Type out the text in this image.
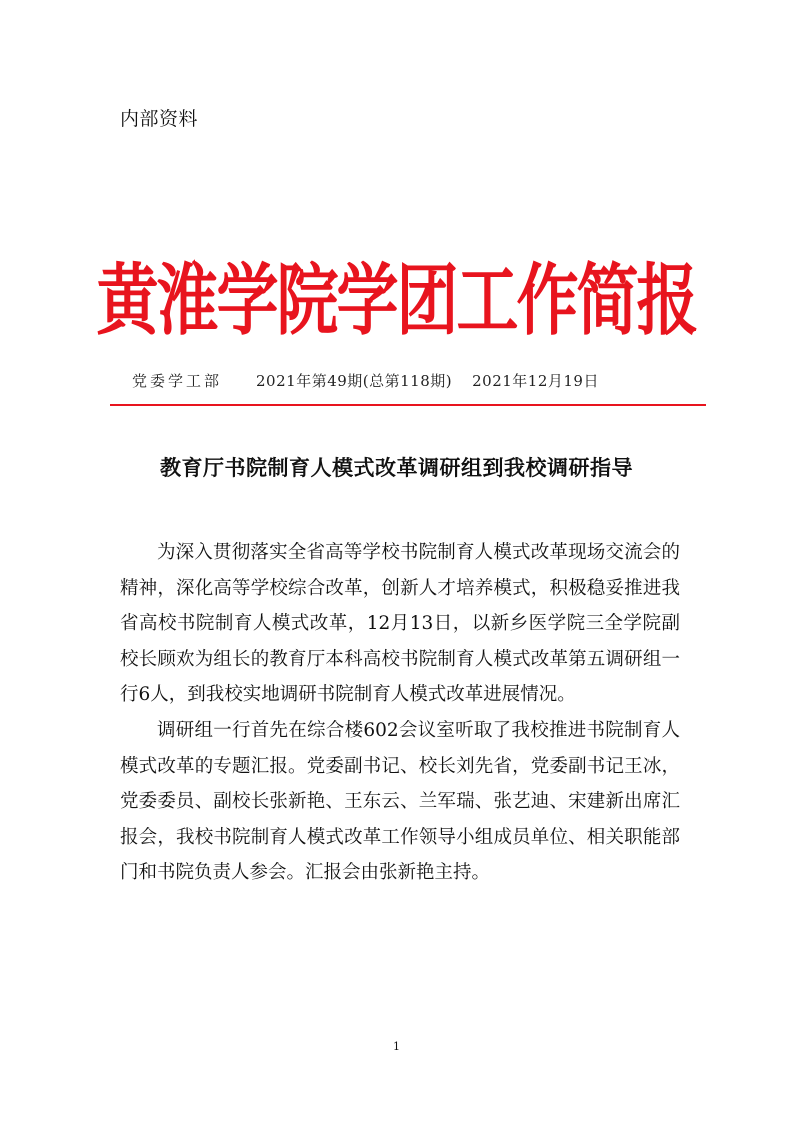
内部资料
黄淮学院学团工作简报
党委学工部 2021年第49期(总第118期) 2021年12月19日
教育厅书院制育人模式改革调研组到我校调研指导

为深入贯彻落实全省高等学校书院制育人模式改革现场交流会的精神，深化高等学校综合改革，创新人才培养模式，积极稳妥推进我省高校书院制育人模式改革，12月13日，以新乡医学院三全学院副校长顾欢为组长的教育厅本科高校书院制育人模式改革第五调研组一行6人，到我校实地调研书院制育人模式改革进展情况。

调研组一行首先在综合楼602会议室听取了我校推进书院制育人模式改革的专题汇报。党委副书记、校长刘先省，党委副书记王冰，党委委员、副校长张新艳、王东云、兰军瑞、张艺迪、宋建新出席汇报会，我校书院制育人模式改革工作领导小组成员单位、相关职能部门和书院负责人参会。汇报会由张新艳主持。

1
